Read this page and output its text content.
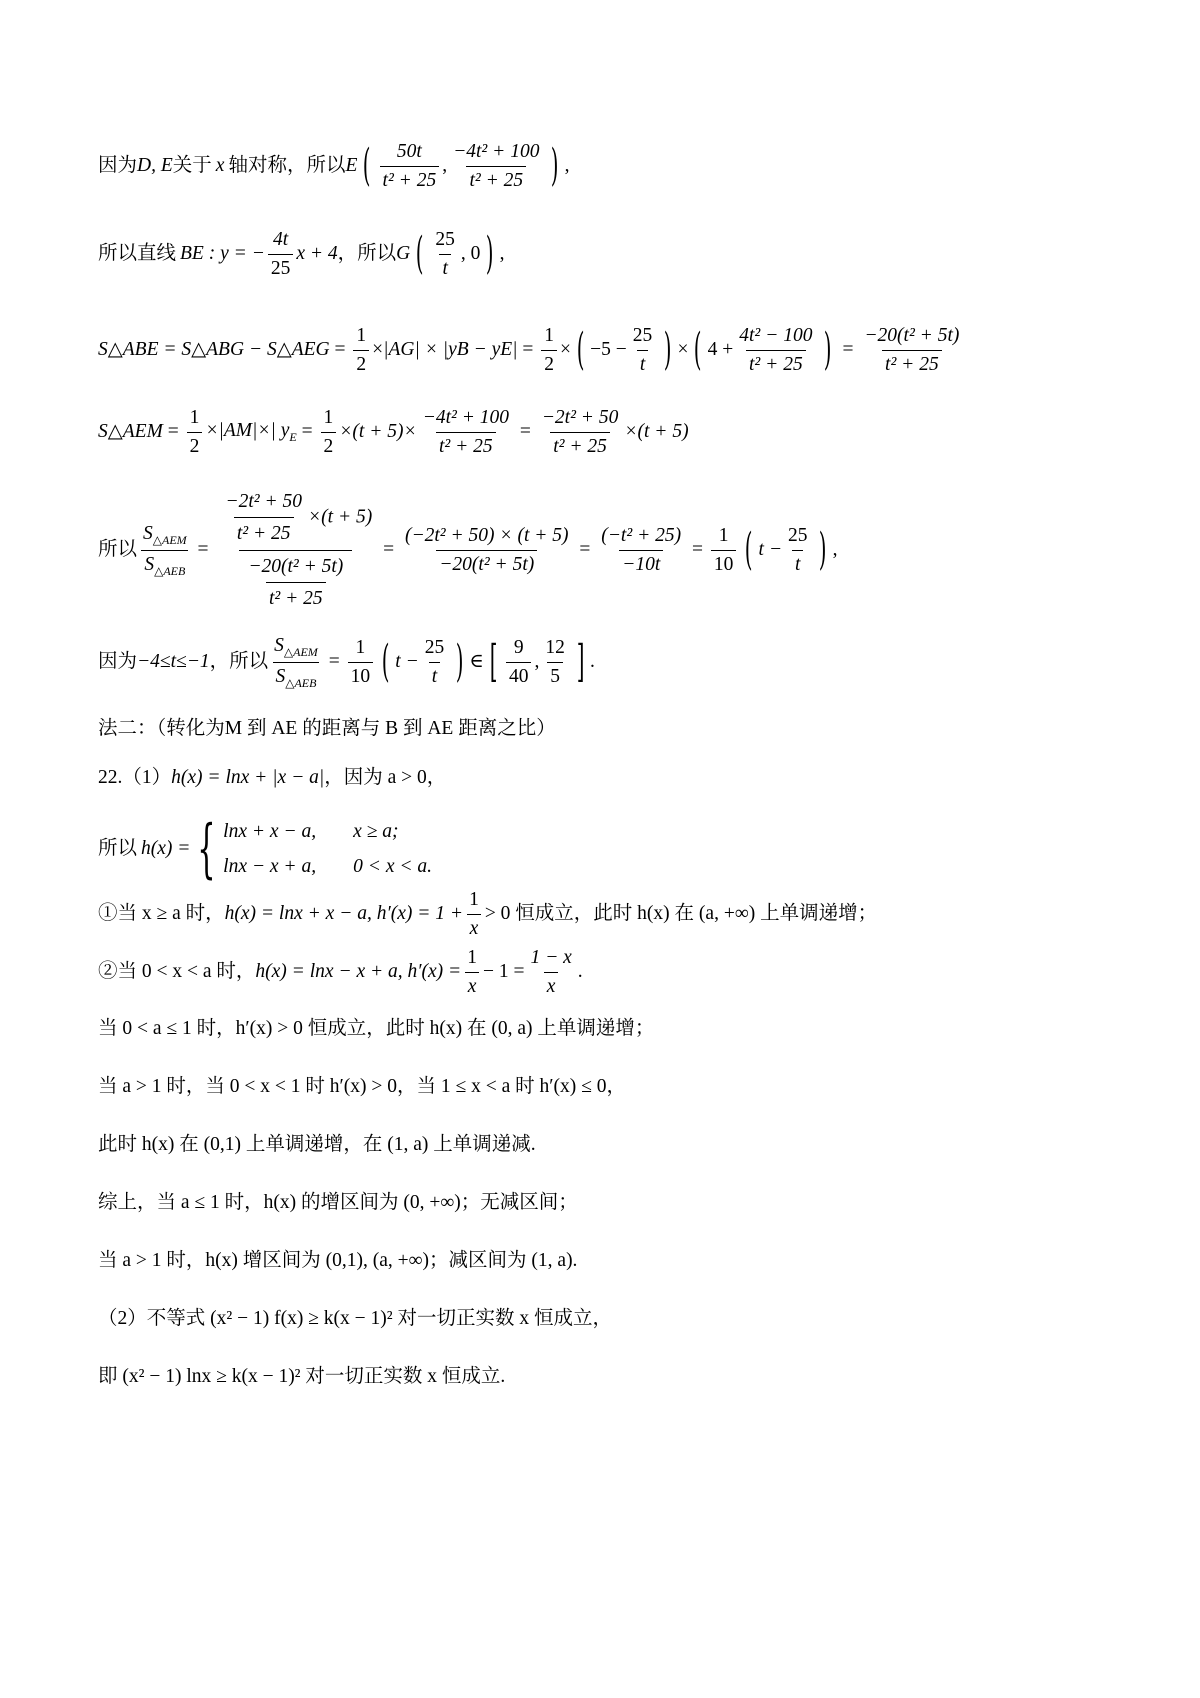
因为 D, E 关于 x 轴对称，所以 E ( $\frac{50t}{\text{t² + 25}}$ , $\frac{\text{−4t² + 100}}{\text{t² + 25}}$ ) ,
所以直线 BE : y = − $\frac{4t}{25}$ x + 4 ，所以 G ( $\frac{25}{t}$ , 0 ) ,
S△ABE = S△ABG − S△AEG = $\frac{1}{2} \times |AG| \times |yB - yE| = \frac{1}{2}$ × ( $-5 - \frac{25}{t}$ ) × ( $4 + \frac{\text{4t² − 100}}{\text{t² + 25}}$ ) = $\frac{\text{−20(t² + 5t)}}{\text{t² + 25}}$
S△AEM = $\frac{1}{2} \times|AM|\times|$ $y_E = \frac{1}{2} \times(t + 5)\times \frac{\text{−4t² + 100}}{\text{t² + 25}} = \frac{\text{−2t² + 50}}{\text{t² + 25}} \times(t + 5)$
所以 $\frac{S_{\triangle AEM}}{S_{\triangle AEB}} = \frac{\frac{\text{−2t² + 50}}{\text{t² + 25}} \times(t + 5)}{\frac{\text{−20(t² + 5t)}}{\text{t² + 25}}} = \frac{\text{(−2t² + 50) × (t + 5)}}{\text{−20(t² + 5t)}} = \frac{\text{(−t² + 25)}}{-10t} = \frac{1}{10}$ ( $t - \frac{25}{t}$ ) ,
因为 −4≤t≤−1 ，所以 $\frac{S_{\triangle AEM}}{S_{\triangle AEB}} = \frac{1}{10}$ ( $t - \frac{25}{t}$ ) ∈ [ $\frac{9}{40}$ , $\frac{12}{5}$ ] .
法二：（转化为M 到 AE 的距离与 B 到 AE 距离之比）
22.（1） h(x) = lnx + |x − a| ，因为 a > 0，
所以 h(x) = { lnx + x − a,	x ≥ a;
lnx − x + a,	0 < x < a.
①当 x ≥ a 时， h(x) = lnx + x − a, $h'(x) = 1 + \frac{1}{x} > 0$ 恒成立，此时 h(x) 在 (a, +∞) 上单调递增；
②当 0 < x < a 时， h(x) = lnx − x + a, $h'(x) = \frac{1}{x} - 1 = \frac{1 - x}{x}$ .
当 0 < a ≤ 1 时，h′(x) > 0 恒成立，此时 h(x) 在 (0, a) 上单调递增；
当 a > 1 时，当 0 < x < 1 时 h′(x) > 0，当 1 ≤ x < a 时 h′(x) ≤ 0，
此时 h(x) 在 (0,1) 上单调递增，在 (1, a) 上单调递减.
综上，当 a ≤ 1 时，h(x) 的增区间为 (0, +∞)；无减区间；
当 a > 1 时，h(x) 增区间为 (0,1), (a, +∞)；减区间为 (1, a).
（2）不等式 (x² − 1) f(x) ≥ k(x − 1)² 对一切正实数 x 恒成立，
即 (x² − 1) lnx ≥ k(x − 1)² 对一切正实数 x 恒成立.
